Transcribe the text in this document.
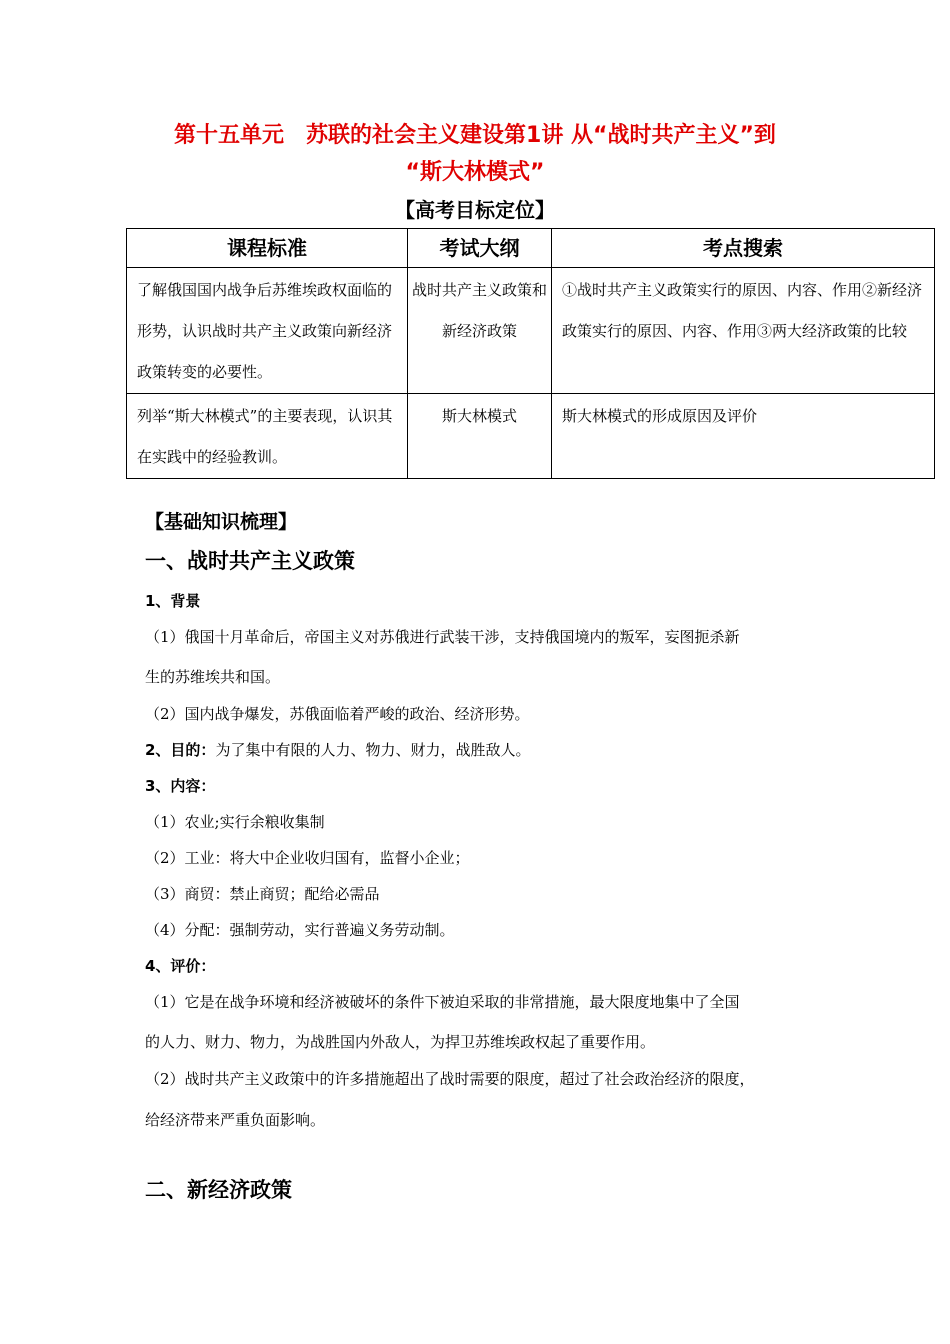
第十五单元　苏联的社会主义建设第1讲 从“战时共产主义”到
“斯大林模式”
【高考目标定位】
课程标准	考试大纲	考点搜索
了解俄国国内战争后苏维埃政权面临的形势，认识战时共产主义政策向新经济政策转变的必要性。	战时共产主义政策和新经济政策	①战时共产主义政策实行的原因、内容、作用②新经济政策实行的原因、内容、作用③两大经济政策的比较
列举“斯大林模式”的主要表现，认识其在实践中的经验教训。	斯大林模式	斯大林模式的形成原因及评价
【基础知识梳理】
一、战时共产主义政策
1、背景
（1）俄国十月革命后，帝国主义对苏俄进行武装干涉，支持俄国境内的叛军，妄图扼杀新
生的苏维埃共和国。
（2）国内战争爆发，苏俄面临着严峻的政治、经济形势。
2、目的：为了集中有限的人力、物力、财力，战胜敌人。
3、内容：
（1）农业;实行余粮收集制
（2）工业：将大中企业收归国有，监督小企业；
（3）商贸：禁止商贸；配给必需品
（4）分配：强制劳动，实行普遍义务劳动制。
4、评价：
（1）它是在战争环境和经济被破坏的条件下被迫采取的非常措施，最大限度地集中了全国
的人力、财力、物力，为战胜国内外敌人，为捍卫苏维埃政权起了重要作用。
（2）战时共产主义政策中的许多措施超出了战时需要的限度，超过了社会政治经济的限度，
给经济带来严重负面影响。
二、新经济政策
